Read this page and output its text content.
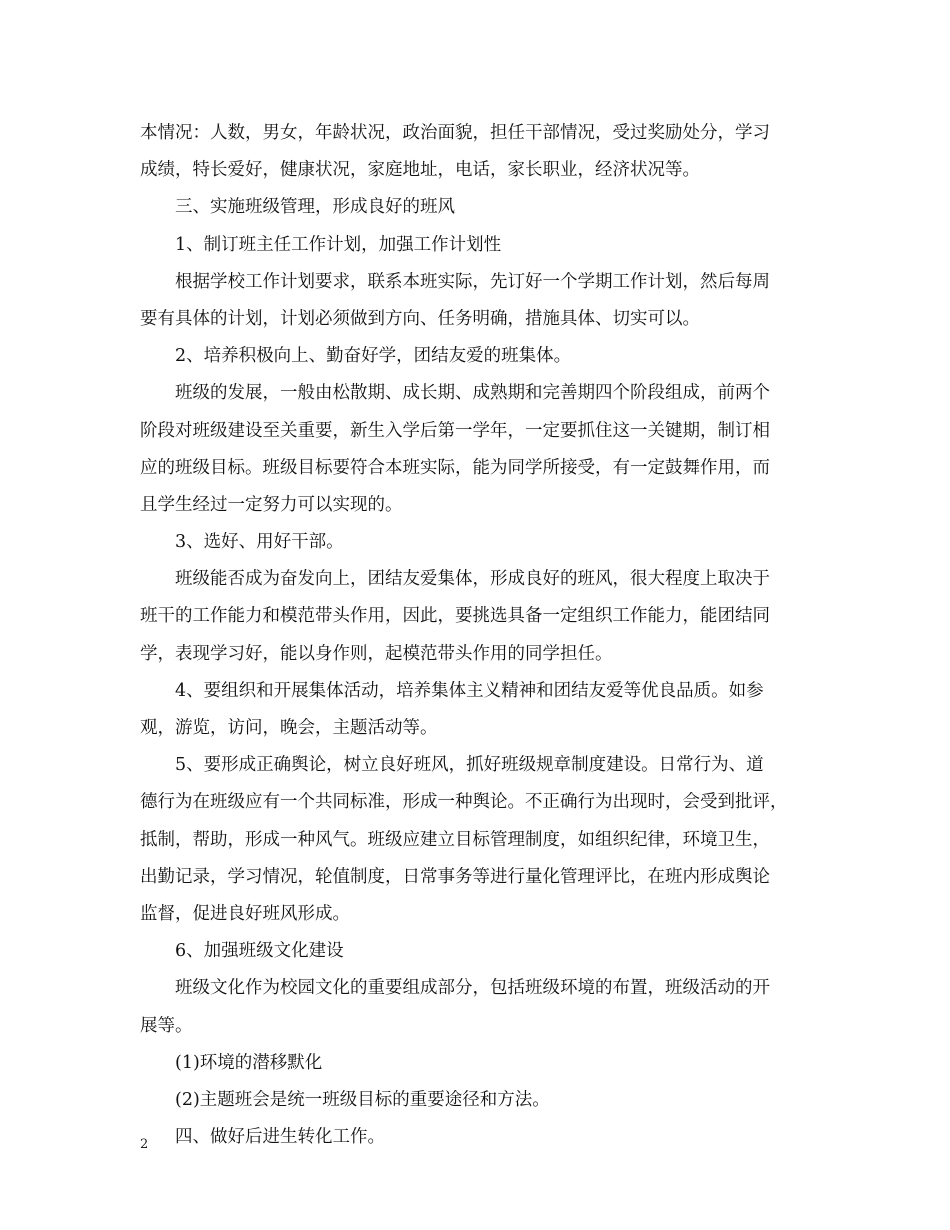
本情况：人数，男女，年龄状况，政治面貌，担任干部情况，受过奖励处分，学习
成绩，特长爱好，健康状况，家庭地址，电话，家长职业，经济状况等。
三、实施班级管理，形成良好的班风
1、制订班主任工作计划，加强工作计划性
根据学校工作计划要求，联系本班实际，先订好一个学期工作计划，然后每周
要有具体的计划，计划必须做到方向、任务明确，措施具体、切实可以。
2、培养积极向上、勤奋好学，团结友爱的班集体。
班级的发展，一般由松散期、成长期、成熟期和完善期四个阶段组成，前两个
阶段对班级建设至关重要，新生入学后第一学年，一定要抓住这一关键期，制订相
应的班级目标。班级目标要符合本班实际，能为同学所接受，有一定鼓舞作用，而
且学生经过一定努力可以实现的。
3、选好、用好干部。
班级能否成为奋发向上，团结友爱集体，形成良好的班风，很大程度上取决于
班干的工作能力和模范带头作用，因此，要挑选具备一定组织工作能力，能团结同
学，表现学习好，能以身作则，起模范带头作用的同学担任。
4、要组织和开展集体活动，培养集体主义精神和团结友爱等优良品质。如参
观，游览，访问，晚会，主题活动等。
5、要形成正确舆论，树立良好班风，抓好班级规章制度建设。日常行为、道
德行为在班级应有一个共同标准，形成一种舆论。不正确行为出现时，会受到批评，
抵制，帮助，形成一种风气。班级应建立目标管理制度，如组织纪律，环境卫生，
出勤记录，学习情况，轮值制度，日常事务等进行量化管理评比，在班内形成舆论
监督，促进良好班风形成。
6、加强班级文化建设
班级文化作为校园文化的重要组成部分，包括班级环境的布置，班级活动的开
展等。
(1)环境的潜移默化
(2)主题班会是统一班级目标的重要途径和方法。
四、做好后进生转化工作。
2
